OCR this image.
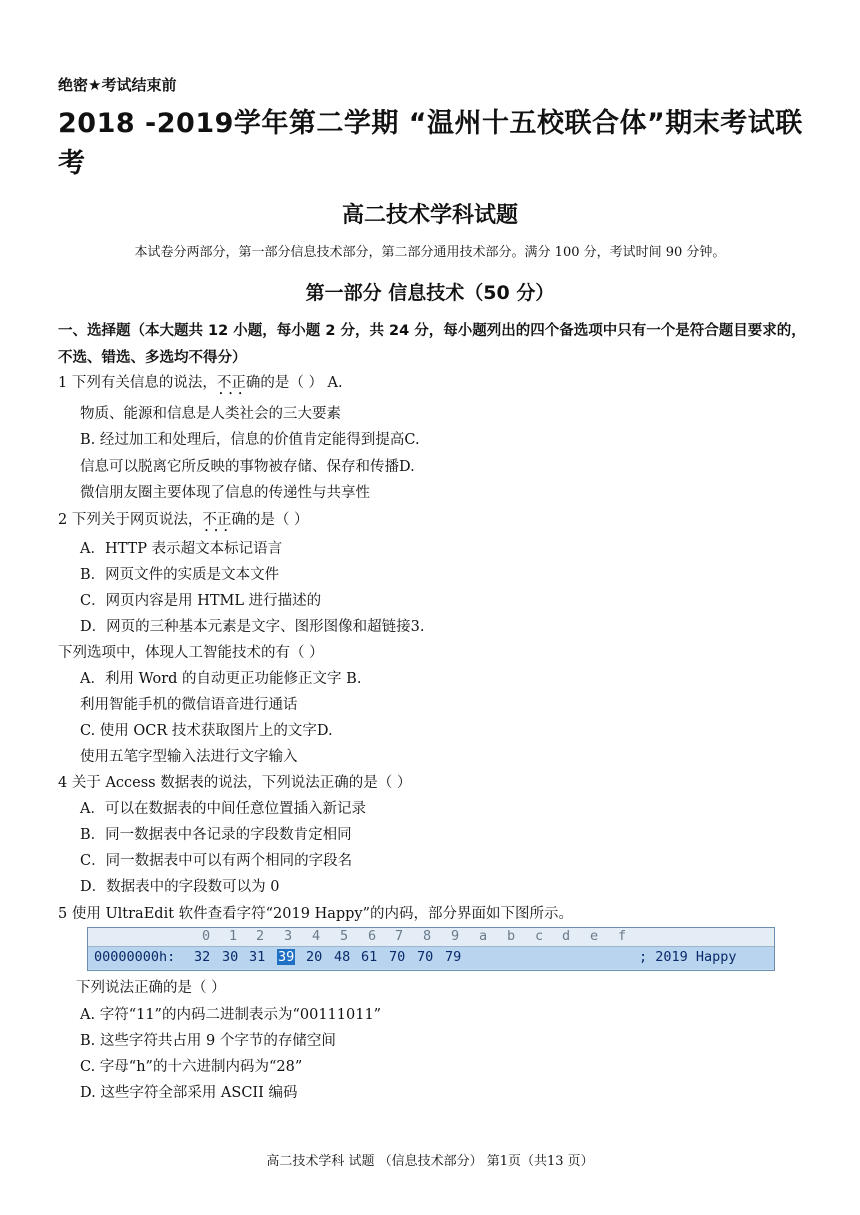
绝密★考试结束前
2018 -2019学年第二学期 “温州十五校联合体”期末考试联考
高二技术学科试题
本试卷分两部分，第一部分信息技术部分，第二部分通用技术部分。满分 100 分，考试时间 90 分钟。
第一部分 信息技术（50 分）
一、选择题（本大题共 12 小题，每小题 2 分，共 24 分，每小题列出的四个备选项中只有一个是符合题目要求的，不选、错选、多选均不得分）
1 下列有关信息的说法，不正确 • • •的是（ ） A.
物质、能源和信息是人类社会的三大要素
B. 经过加工和处理后，信息的价值肯定能得到提高C.
信息可以脱离它所反映的事物被存储、保存和传播D.
微信朋友圈主要体现了信息的传递性与共享性
2 下列关于网页说法，不正确 • • •的是（ ）
A．HTTP 表示超文本标记语言
B．网页文件的实质是文本文件
C．网页内容是用 HTML 进行描述的
D．网页的三种基本元素是文字、图形图像和超链接3.
下列选项中，体现人工智能技术的有（ ）
A．利用 Word 的自动更正功能修正文字 B.
利用智能手机的微信语音进行通话
C. 使用 OCR 技术获取图片上的文字D.
使用五笔字型输入法进行文字输入
4 关于 Access 数据表的说法，下列说法正确的是（ ）
A．可以在数据表的中间任意位置插入新记录
B．同一数据表中各记录的字段数肯定相同
C．同一数据表中可以有两个相同的字段名
D．数据表中的字段数可以为 0
5 使用 UltraEdit 软件查看字符“2019 Happy”的内码，部分界面如下图所示。
0 1 2 3 4 5 6 7 8 9 a b c d e f
00000000h: 32 30 31 39 20 48 61 70 70 79	; 2019 Happy
下列说法正确的是（ ）
A. 字符“11”的内码二进制表示为“00111011”
B. 这些字符共占用 9 个字节的存储空间
C. 字母“h”的十六进制内码为“28”
D. 这些字符全部采用 ASCII 编码
高二技术学科 试题 （信息技术部分） 第1页（共13 页）
